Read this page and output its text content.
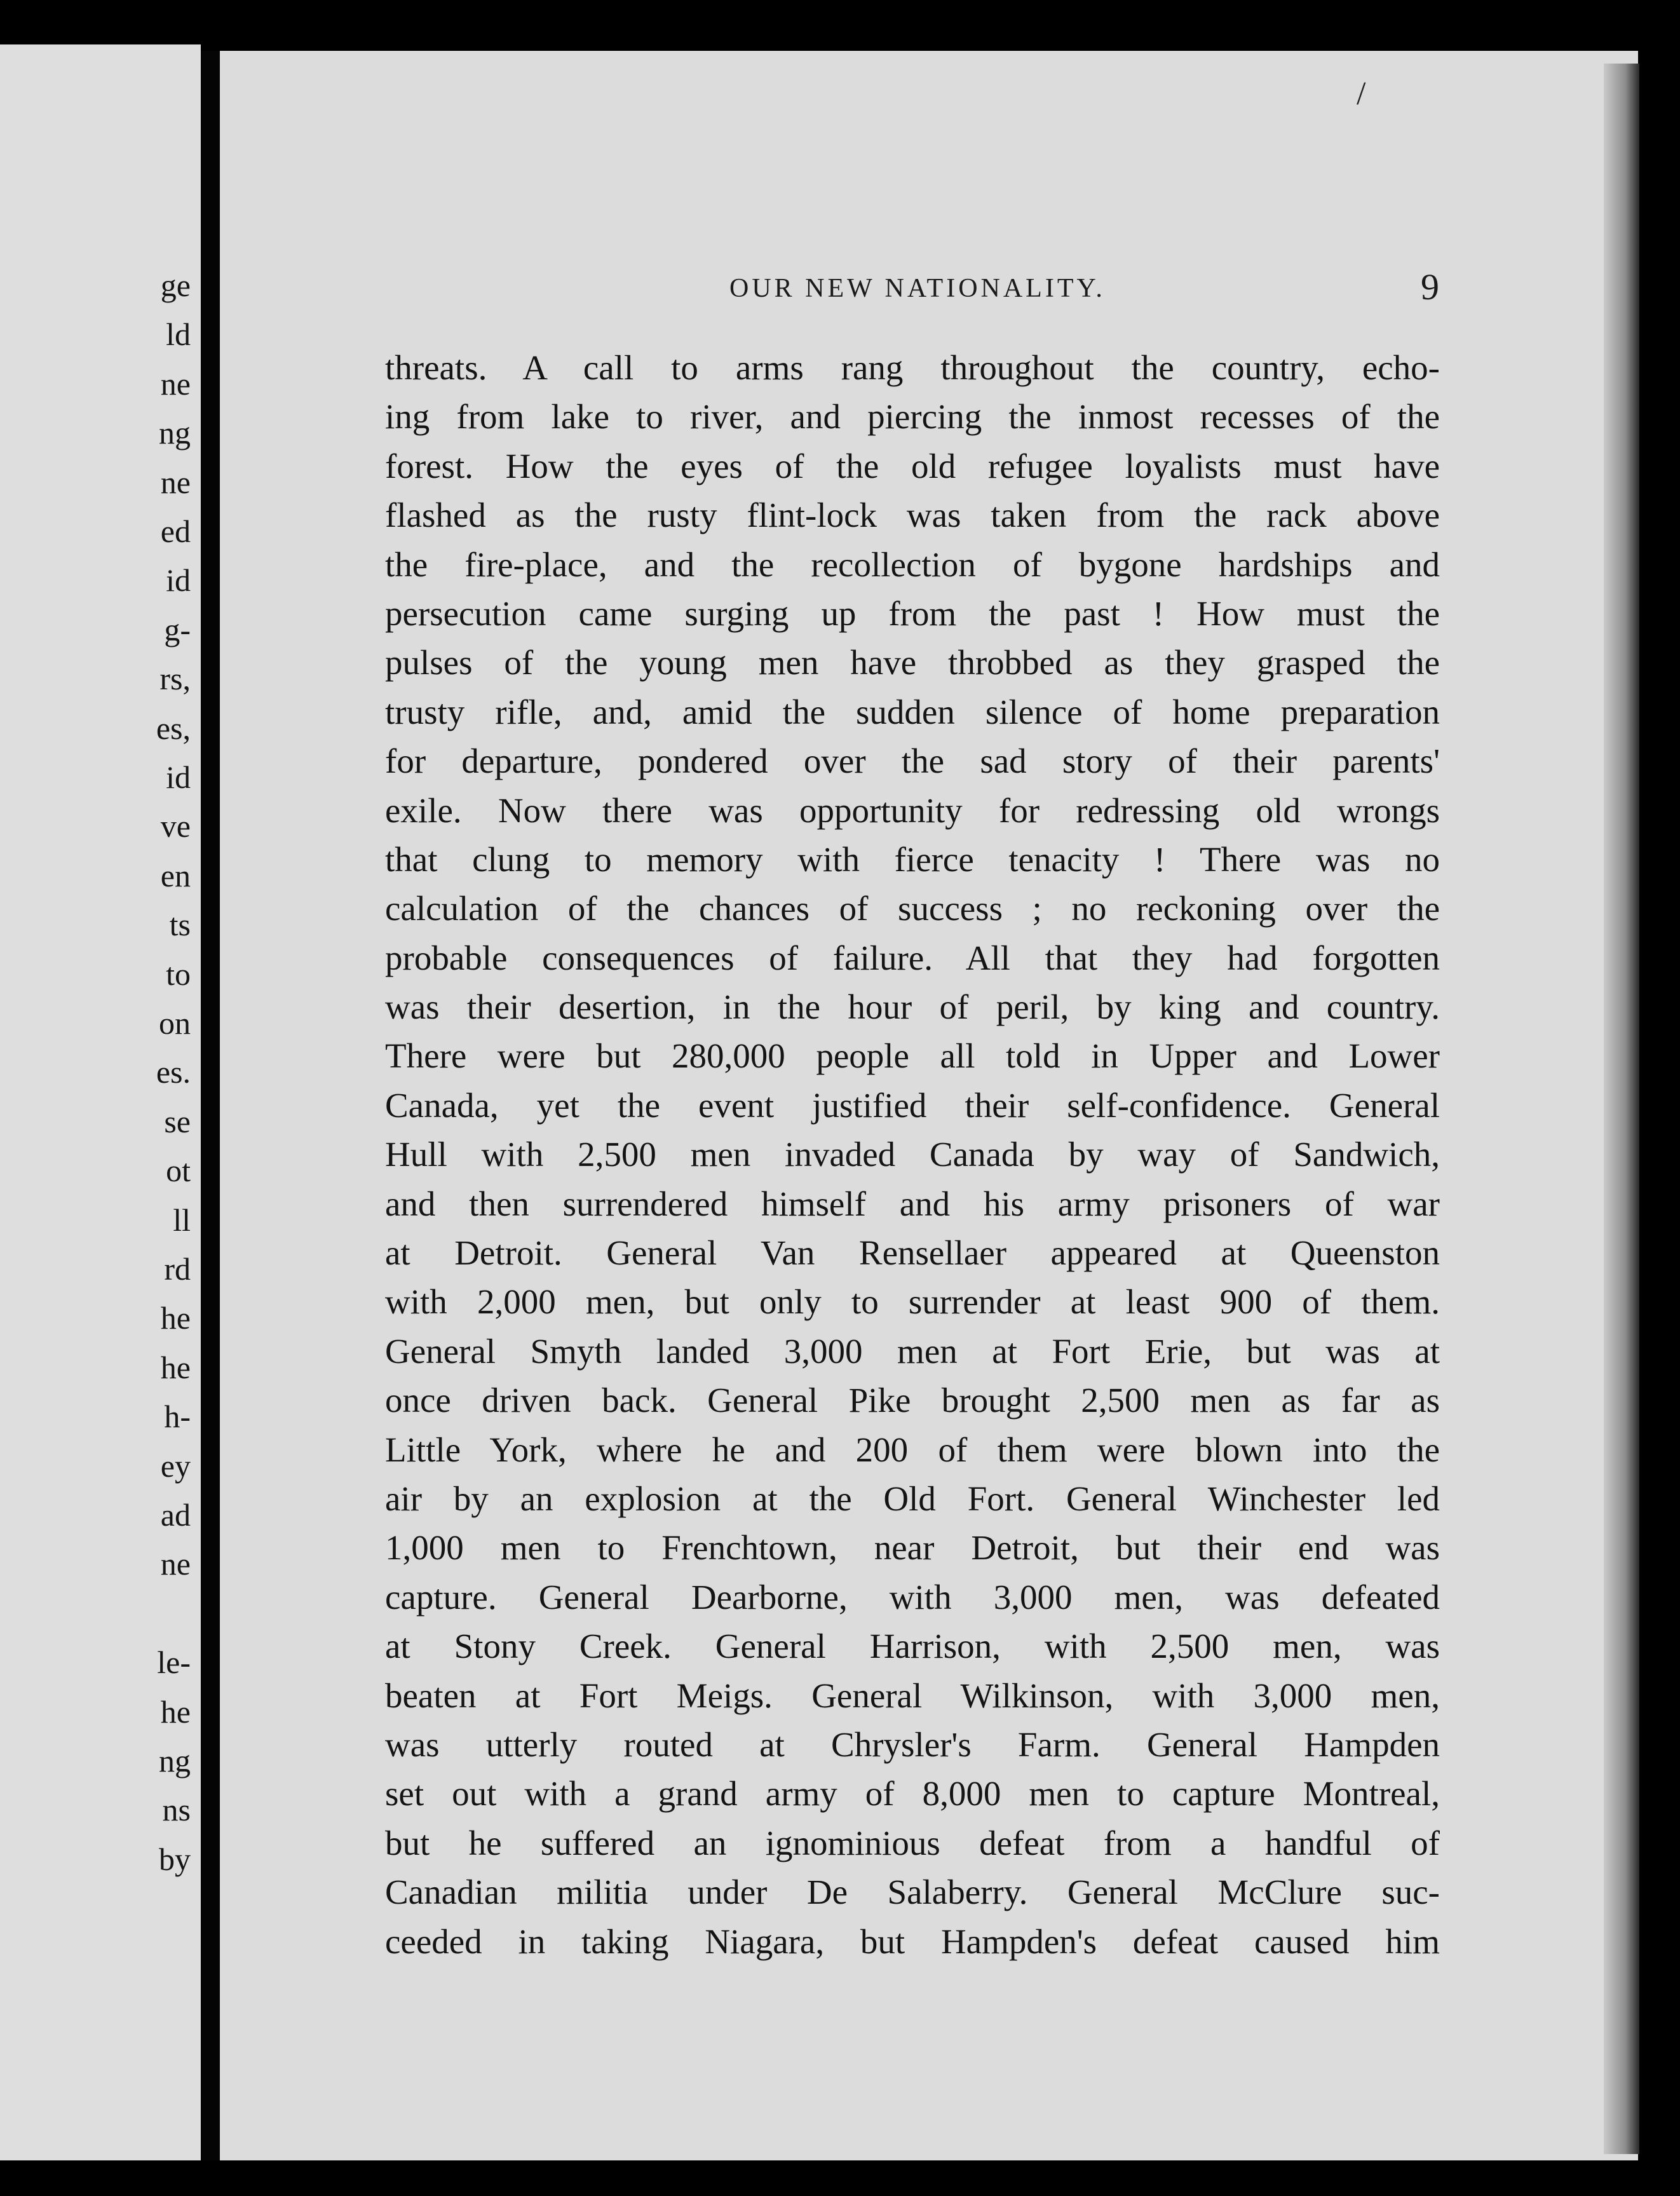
ge
ld
ne
ng
ne
ed
id
g-
rs,
es,
id
ve
en
ts
to
on
es.
se
ot
ll
rd
he
he
h-
ey
ad
ne
le-
he
ng
ns
by
/
OUR NEW NATIONALITY.	9
threats. A call to arms rang throughout the country, echo-
ing from lake to river, and piercing the inmost recesses of the
forest. How the eyes of the old refugee loyalists must have
flashed as the rusty flint-lock was taken from the rack above
the fire-place, and the recollection of bygone hardships and
persecution came surging up from the past ! How must the
pulses of the young men have throbbed as they grasped the
trusty rifle, and, amid the sudden silence of home preparation
for departure, pondered over the sad story of their parents'
exile. Now there was opportunity for redressing old wrongs
that clung to memory with fierce tenacity ! There was no
calculation of the chances of success ; no reckoning over the
probable consequences of failure. All that they had forgotten
was their desertion, in the hour of peril, by king and country.
There were but 280,000 people all told in Upper and Lower
Canada, yet the event justified their self-confidence. General
Hull with 2,500 men invaded Canada by way of Sandwich,
and then surrendered himself and his army prisoners of war
at Detroit. General Van Rensellaer appeared at Queenston
with 2,000 men, but only to surrender at least 900 of them.
General Smyth landed 3,000 men at Fort Erie, but was at
once driven back. General Pike brought 2,500 men as far as
Little York, where he and 200 of them were blown into the
air by an explosion at the Old Fort. General Winchester led
1,000 men to Frenchtown, near Detroit, but their end was
capture. General Dearborne, with 3,000 men, was defeated
at Stony Creek. General Harrison, with 2,500 men, was
beaten at Fort Meigs. General Wilkinson, with 3,000 men,
was utterly routed at Chrysler's Farm. General Hampden
set out with a grand army of 8,000 men to capture Montreal,
but he suffered an ignominious defeat from a handful of
Canadian militia under De Salaberry. General McClure suc-
ceeded in taking Niagara, but Hampden's defeat caused him
